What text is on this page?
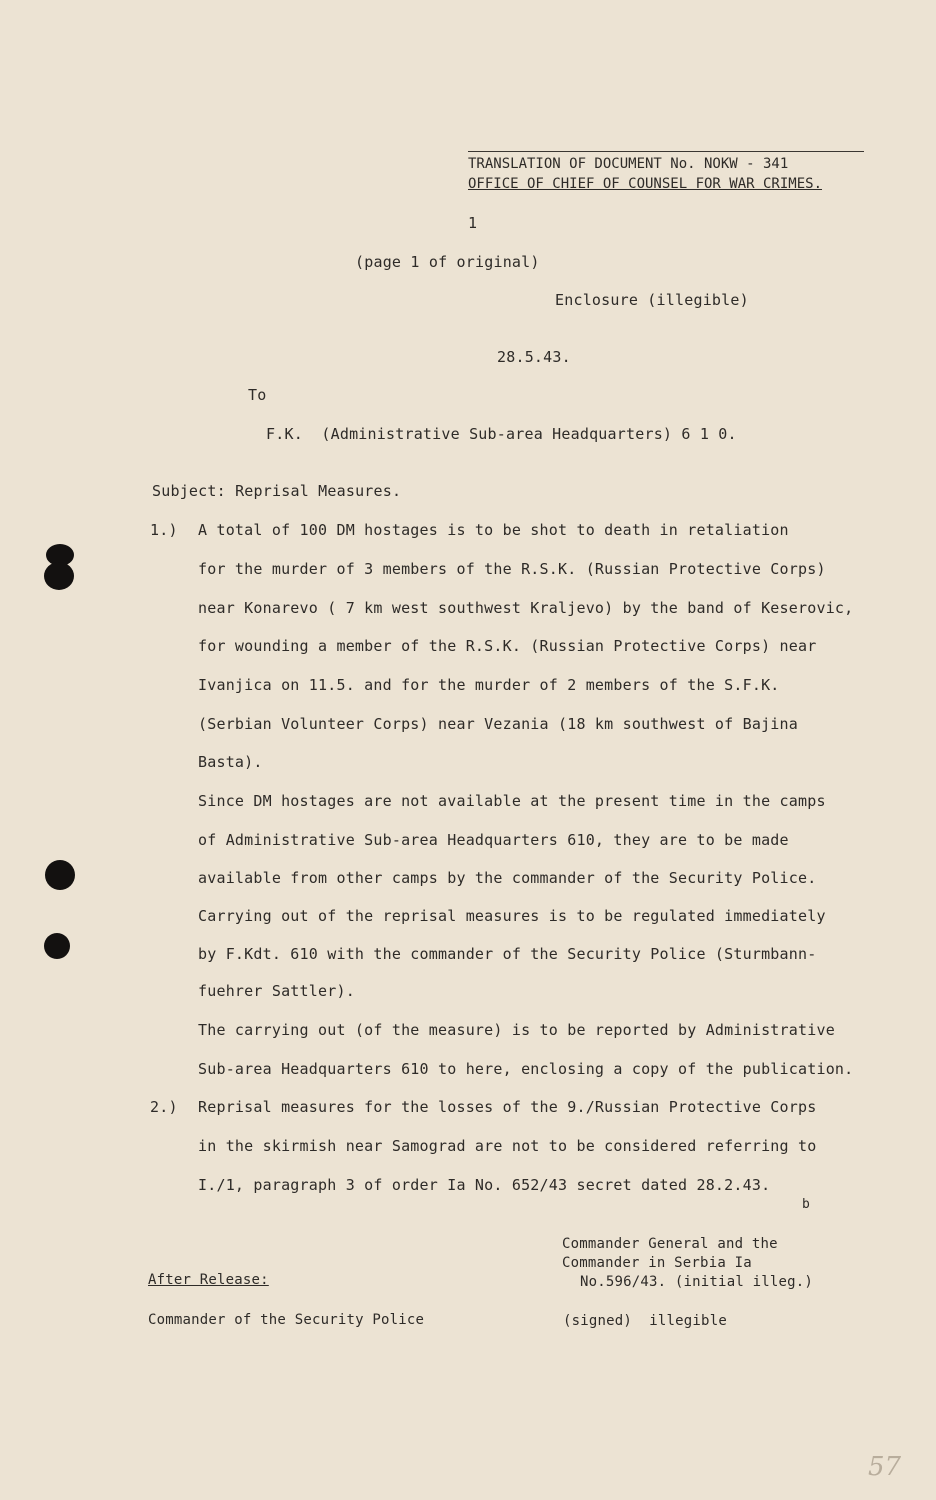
TRANSLATION OF DOCUMENT No. NOKW - 341
OFFICE OF CHIEF OF COUNSEL FOR WAR CRIMES.
1
(page 1 of original)
Enclosure (illegible)
28.5.43.
To
F.K.  (Administrative Sub-area Headquarters) 6 1 0.
Subject: Reprisal Measures.
1.) A total of 100 DM hostages is to be shot to death in retaliation
for the murder of 3 members of the R.S.K. (Russian Protective Corps)
near Konarevo ( 7 km west southwest Kraljevo) by the band of Keserovic,
for wounding a member of the R.S.K. (Russian Protective Corps) near
Ivanjica on 11.5. and for the murder of 2 members of the S.F.K.
(Serbian Volunteer Corps) near Vezania (18 km southwest of Bajina
Basta).
Since DM hostages are not available at the present time in the camps
of Administrative Sub-area Headquarters 610, they are to be made
available from other camps by the commander of the Security Police.
Carrying out of the reprisal measures is to be regulated immediately
by F.Kdt. 610 with the commander of the Security Police (Sturmbann-
fuehrer Sattler).
The carrying out (of the measure) is to be reported by Administrative
Sub-area Headquarters 610 to here, enclosing a copy of the publication.
2.) Reprisal measures for the losses of the 9./Russian Protective Corps
in the skirmish near Samograd are not to be considered referring to
I./1, paragraph 3 of order Ia No. 652/43 secret dated 28.2.43.
b
Commander General and the
Commander in Serbia Ia
No.596/43. (initial illeg.)
(signed)  illegible
After Release:
Commander of the Security Police
57
